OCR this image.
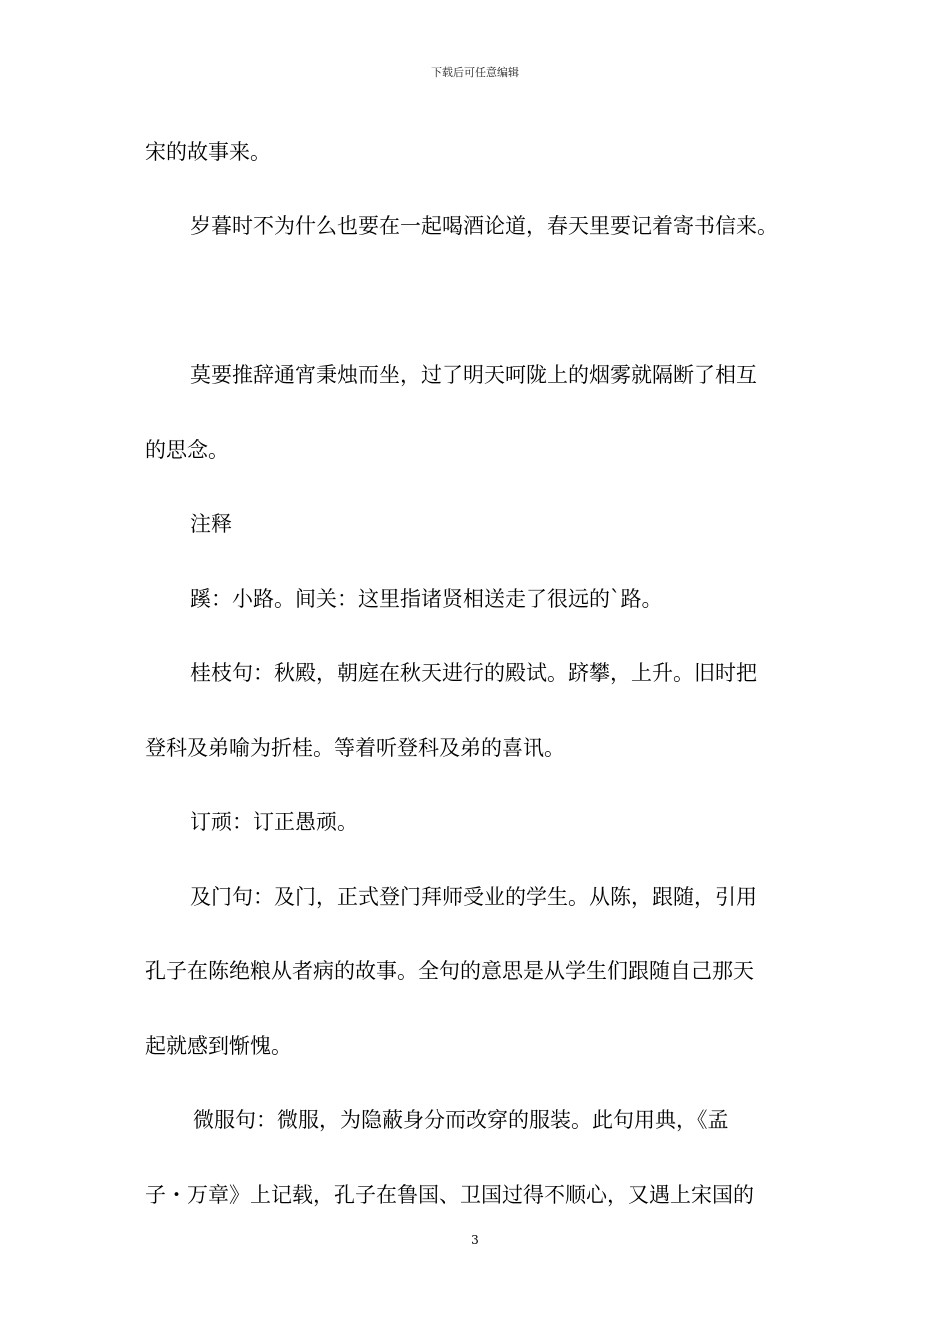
下载后可任意编辑
宋的故事来。
岁暮时不为什么也要在一起喝酒论道，春天里要记着寄书信来。
莫要推辞通宵秉烛而坐，过了明天呵陇上的烟雾就隔断了相互
的思念。
注释
蹊：小路。间关：这里指诸贤相送走了很远的`路。
桂枝句：秋殿，朝庭在秋天进行的殿试。跻攀，上升。旧时把
登科及弟喻为折桂。等着听登科及弟的喜讯。
订顽：订正愚顽。
及门句：及门，正式登门拜师受业的学生。从陈，跟随，引用
孔子在陈绝粮从者病的故事。全句的意思是从学生们跟随自己那天
起就感到惭愧。
微服句：微服，为隐蔽身分而改穿的服装。此句用典，《孟
子・万章》上记载，孔子在鲁国、卫国过得不顺心，又遇上宋国的
3
